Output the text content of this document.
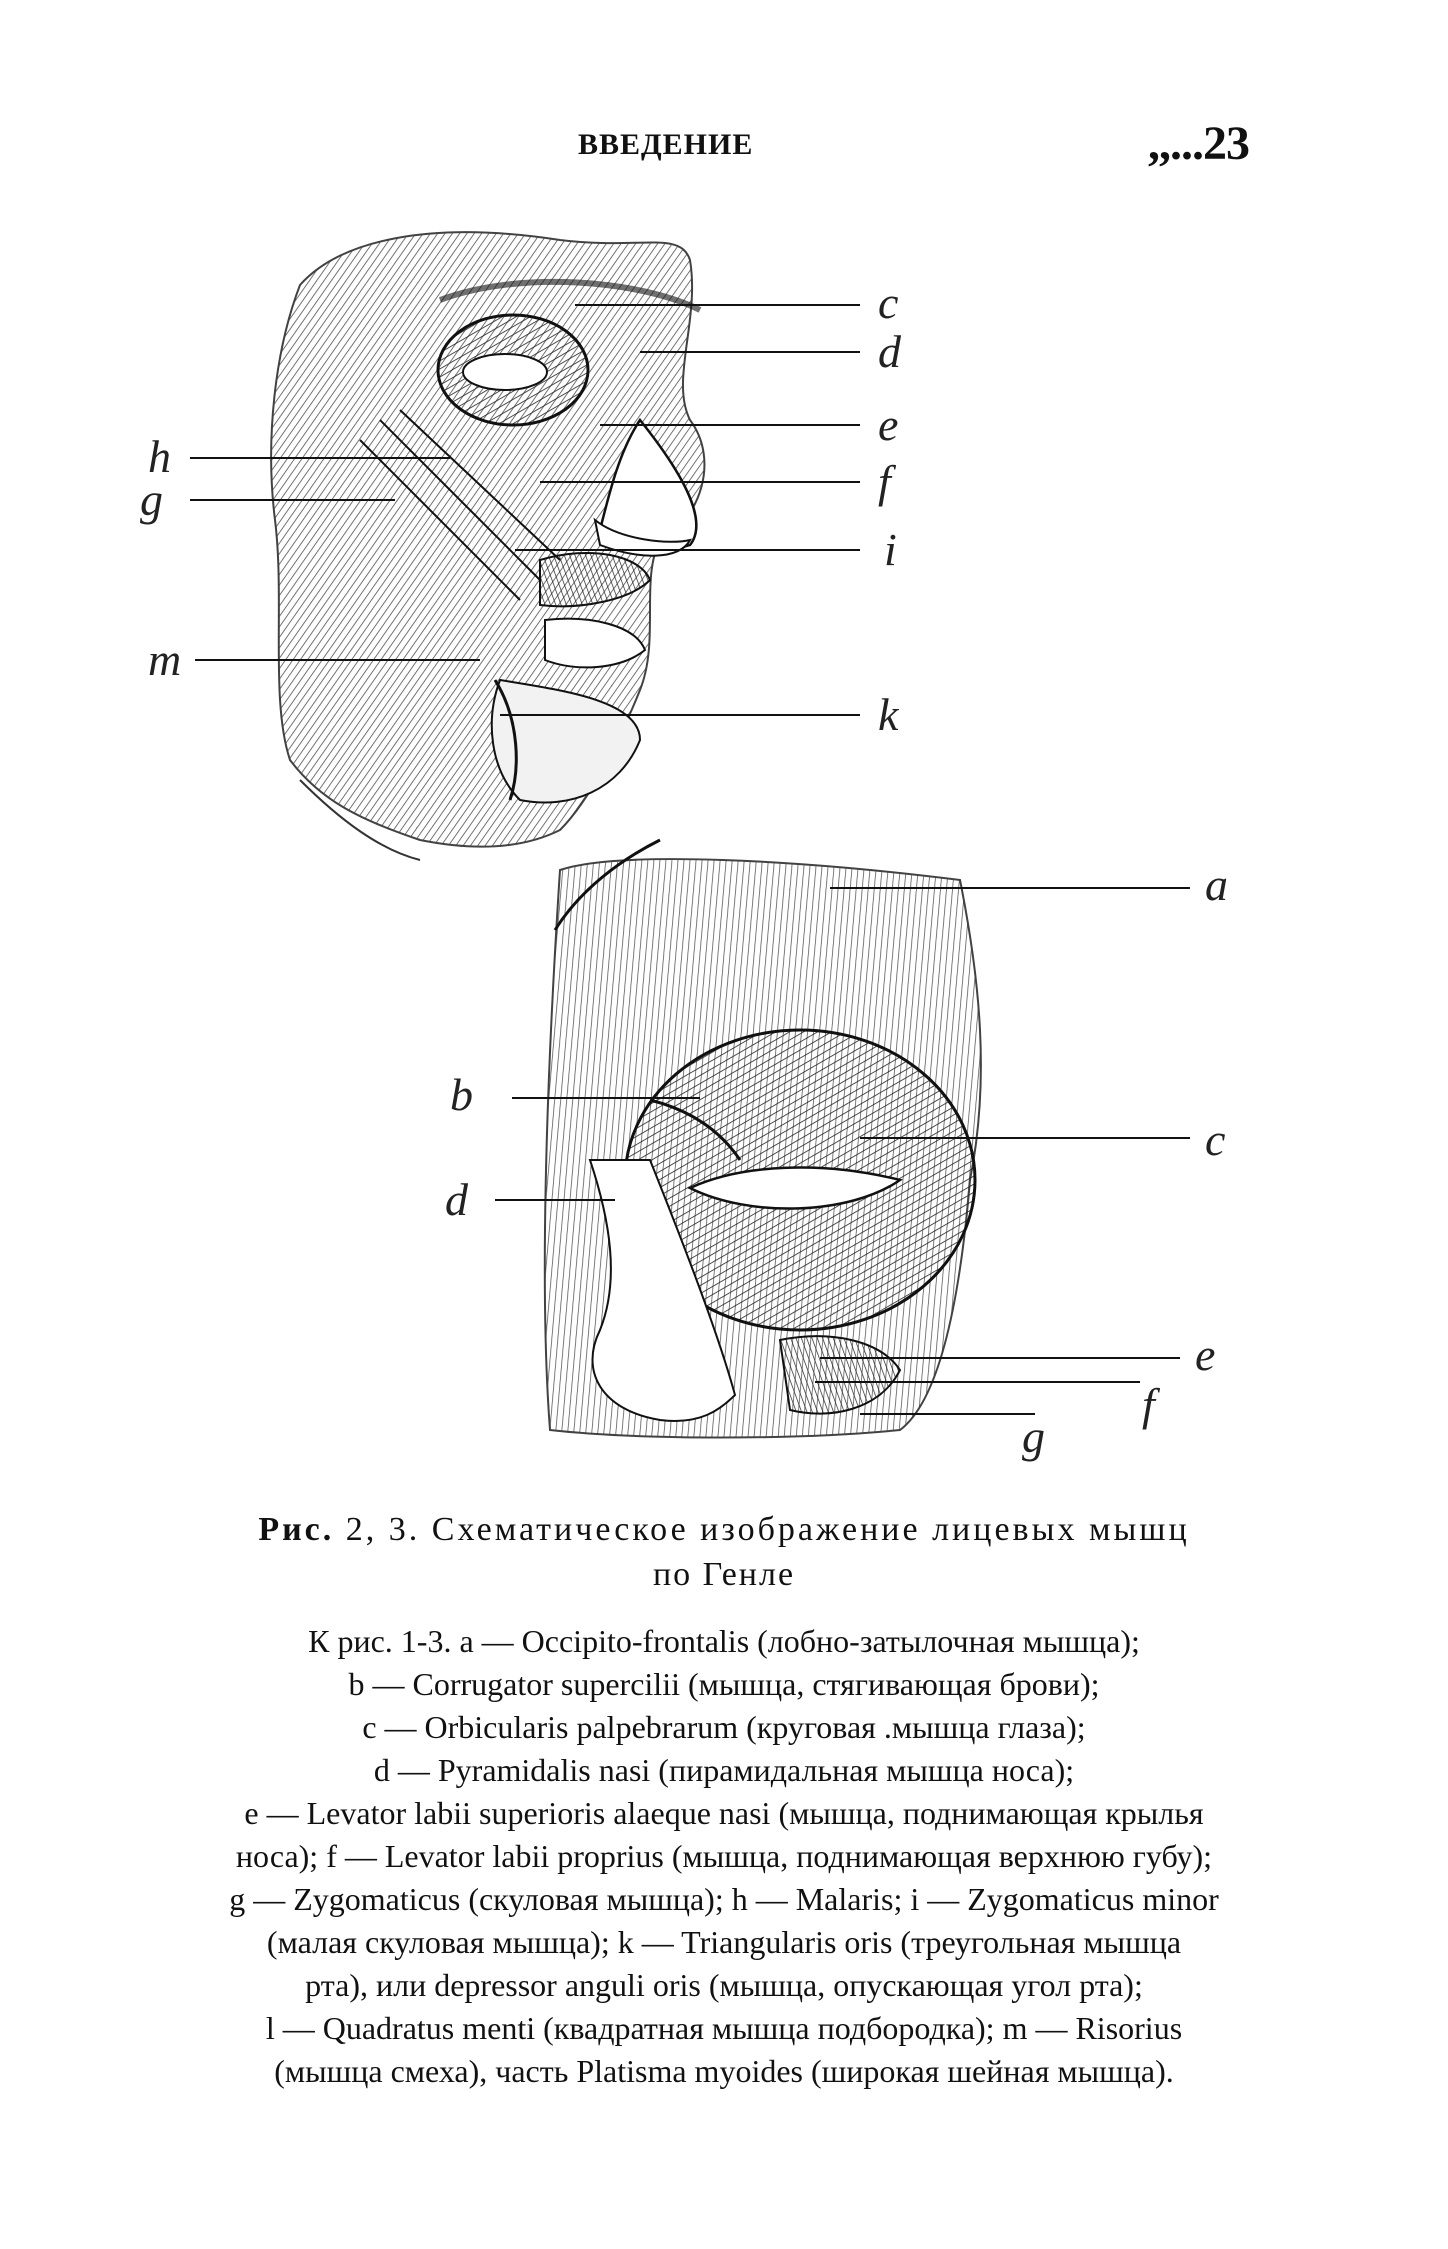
ВВЕДЕНИЕ	,,...23
c
d
e
f
i
k
h
g
m
a
b
c
d
e
f
g
Рис. 2, 3. Схематическое изображение лицевых мышц
по Генле
К рис. 1-3. a — Occipito-frontalis (лобно-затылочная мышца);
b — Corrugator supercilii (мышца, стягивающая брови);
c — Orbicularis palpebrarum (круговая .мышца глаза);
d — Pyramidalis nasi (пирамидальная мышца носа);
e — Levator labii superioris alaeque nasi (мышца, поднимающая крылья
носа); f — Levator labii proprius (мышца, поднимающая верхнюю губу);
g — Zygomaticus (скуловая мышца); h — Malaris; i — Zygomaticus minor
(малая скуловая мышца); k — Triangularis oris (треугольная мышца
рта), или depressor anguli oris (мышца, опускающая угол рта);
l — Quadratus menti (квадратная мышца подбородка); m — Risorius
(мышца смеха), часть Platisma myoides (широкая шейная мышца).
